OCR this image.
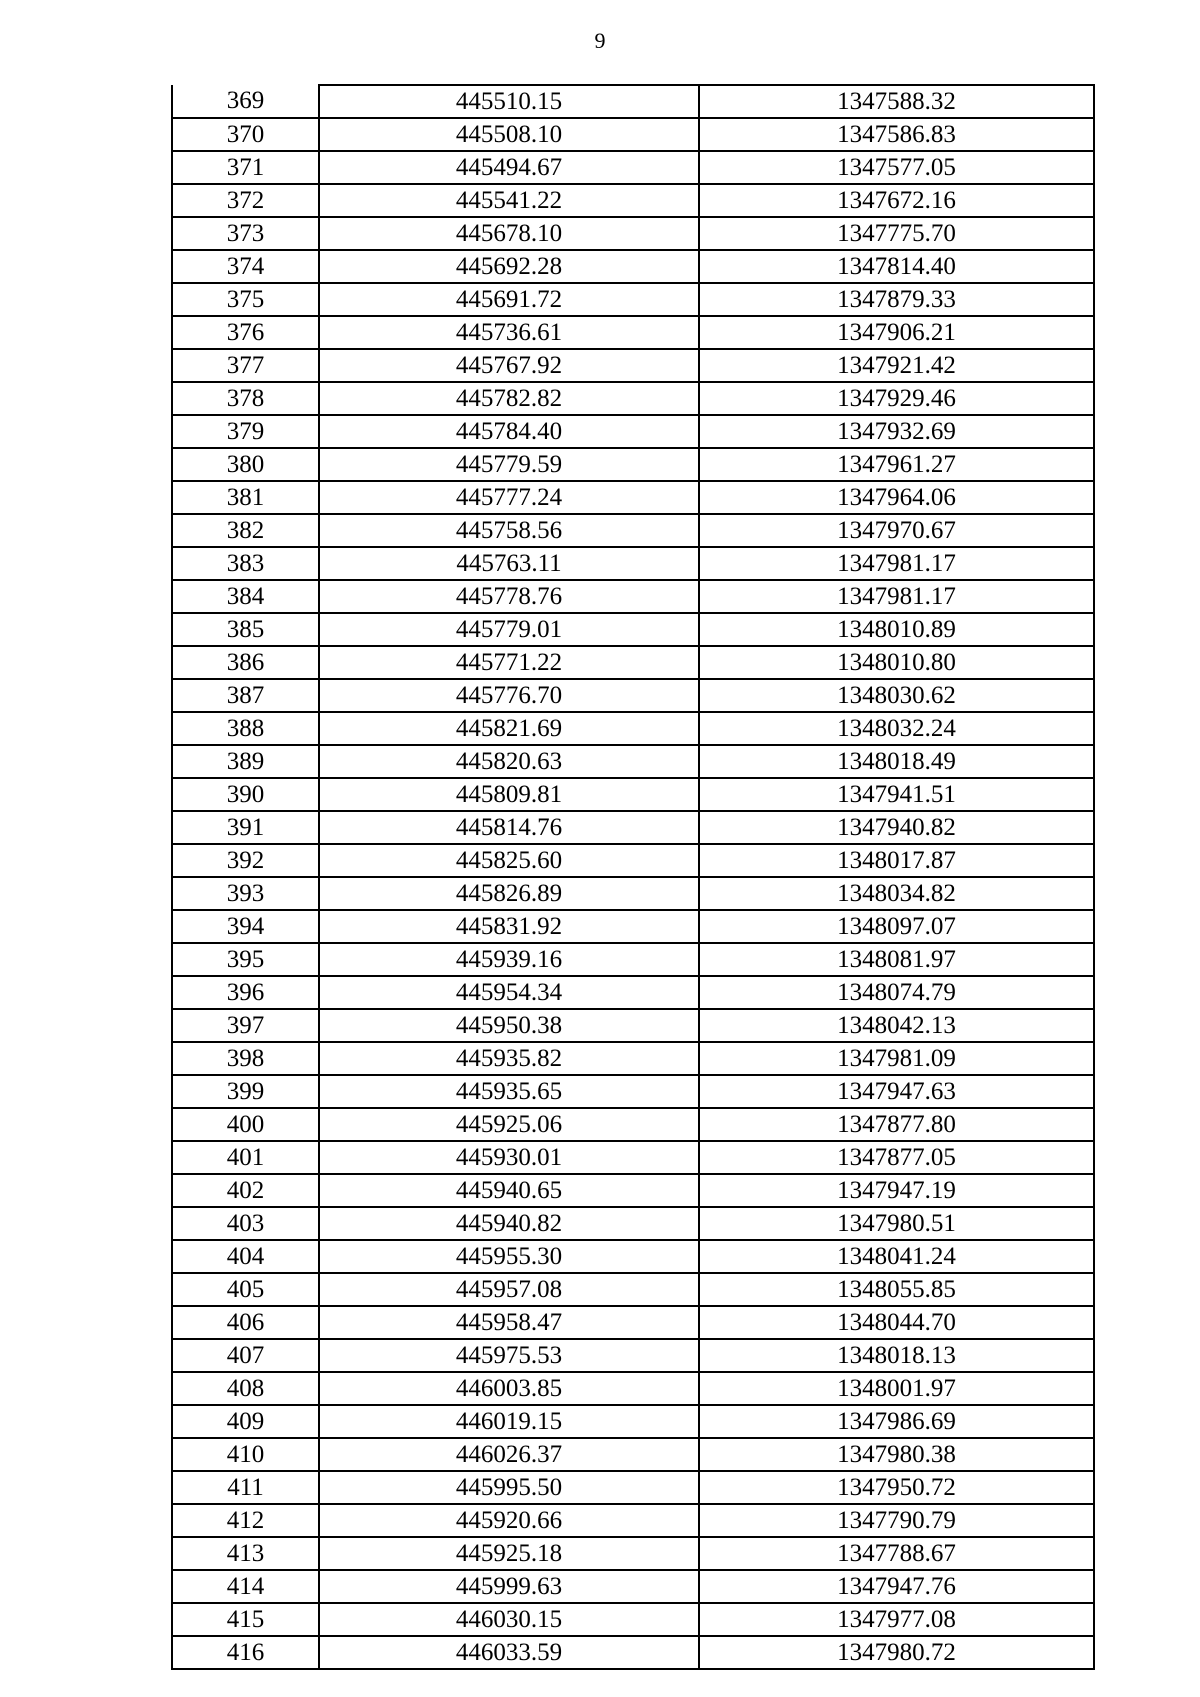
9
369	445510.15	1347588.32
370	445508.10	1347586.83
371	445494.67	1347577.05
372	445541.22	1347672.16
373	445678.10	1347775.70
374	445692.28	1347814.40
375	445691.72	1347879.33
376	445736.61	1347906.21
377	445767.92	1347921.42
378	445782.82	1347929.46
379	445784.40	1347932.69
380	445779.59	1347961.27
381	445777.24	1347964.06
382	445758.56	1347970.67
383	445763.11	1347981.17
384	445778.76	1347981.17
385	445779.01	1348010.89
386	445771.22	1348010.80
387	445776.70	1348030.62
388	445821.69	1348032.24
389	445820.63	1348018.49
390	445809.81	1347941.51
391	445814.76	1347940.82
392	445825.60	1348017.87
393	445826.89	1348034.82
394	445831.92	1348097.07
395	445939.16	1348081.97
396	445954.34	1348074.79
397	445950.38	1348042.13
398	445935.82	1347981.09
399	445935.65	1347947.63
400	445925.06	1347877.80
401	445930.01	1347877.05
402	445940.65	1347947.19
403	445940.82	1347980.51
404	445955.30	1348041.24
405	445957.08	1348055.85
406	445958.47	1348044.70
407	445975.53	1348018.13
408	446003.85	1348001.97
409	446019.15	1347986.69
410	446026.37	1347980.38
411	445995.50	1347950.72
412	445920.66	1347790.79
413	445925.18	1347788.67
414	445999.63	1347947.76
415	446030.15	1347977.08
416	446033.59	1347980.72
